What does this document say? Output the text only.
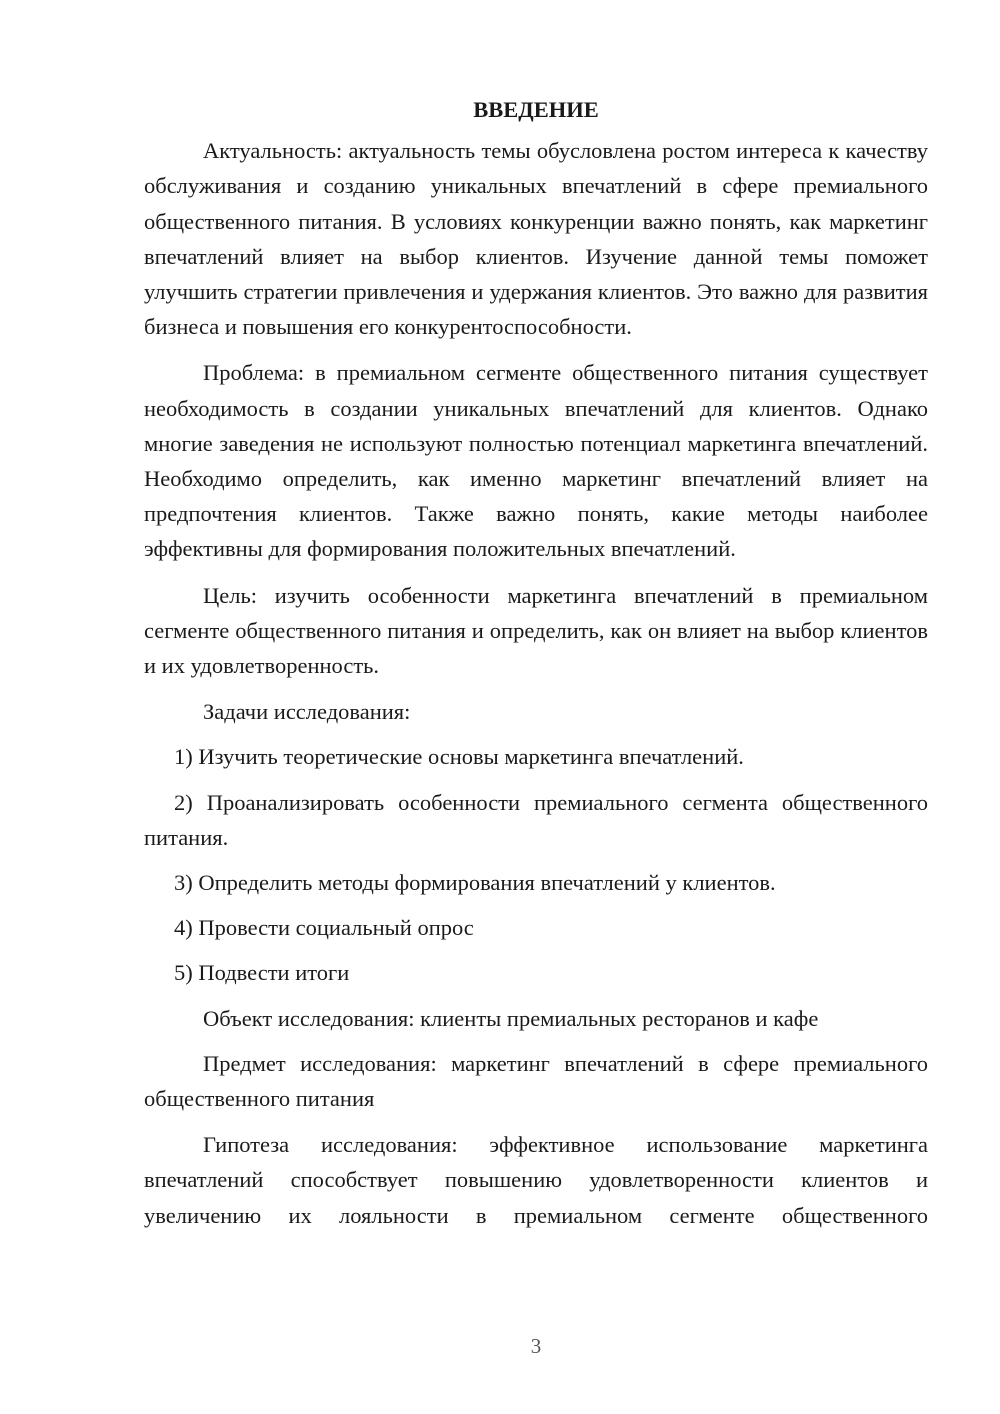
ВВЕДЕНИЕ

Актуальность: актуальность темы обусловлена ростом интереса к качеству обслуживания и созданию уникальных впечатлений в сфере премиального общественного питания. В условиях конкуренции важно понять, как маркетинг впечатлений влияет на выбор клиентов. Изучение данной темы поможет улучшить стратегии привлечения и удержания клиентов. Это важно для развития бизнеса и повышения его конкурентоспособности.

Проблема: в премиальном сегменте общественного питания существует необходимость в создании уникальных впечатлений для клиентов. Однако многие заведения не используют полностью потенциал маркетинга впечатлений. Необходимо определить, как именно маркетинг впечатлений влияет на предпочтения клиентов. Также важно понять, какие методы наиболее эффективны для формирования положительных впечатлений.

Цель: изучить особенности маркетинга впечатлений в премиальном сегменте общественного питания и определить, как он влияет на выбор клиентов и их удовлетворенность.

Задачи исследования:

1) Изучить теоретические основы маркетинга впечатлений.

2) Проанализировать особенности премиального сегмента общественного питания.

3) Определить методы формирования впечатлений у клиентов.

4) Провести социальный опрос

5) Подвести итоги

Объект исследования: клиенты премиальных ресторанов и кафе

Предмет исследования: маркетинг впечатлений в сфере премиального общественного питания

Гипотеза исследования: эффективное использование маркетинга впечатлений способствует повышению удовлетворенности клиентов и увеличению их лояльности в премиальном сегменте общественного

3
